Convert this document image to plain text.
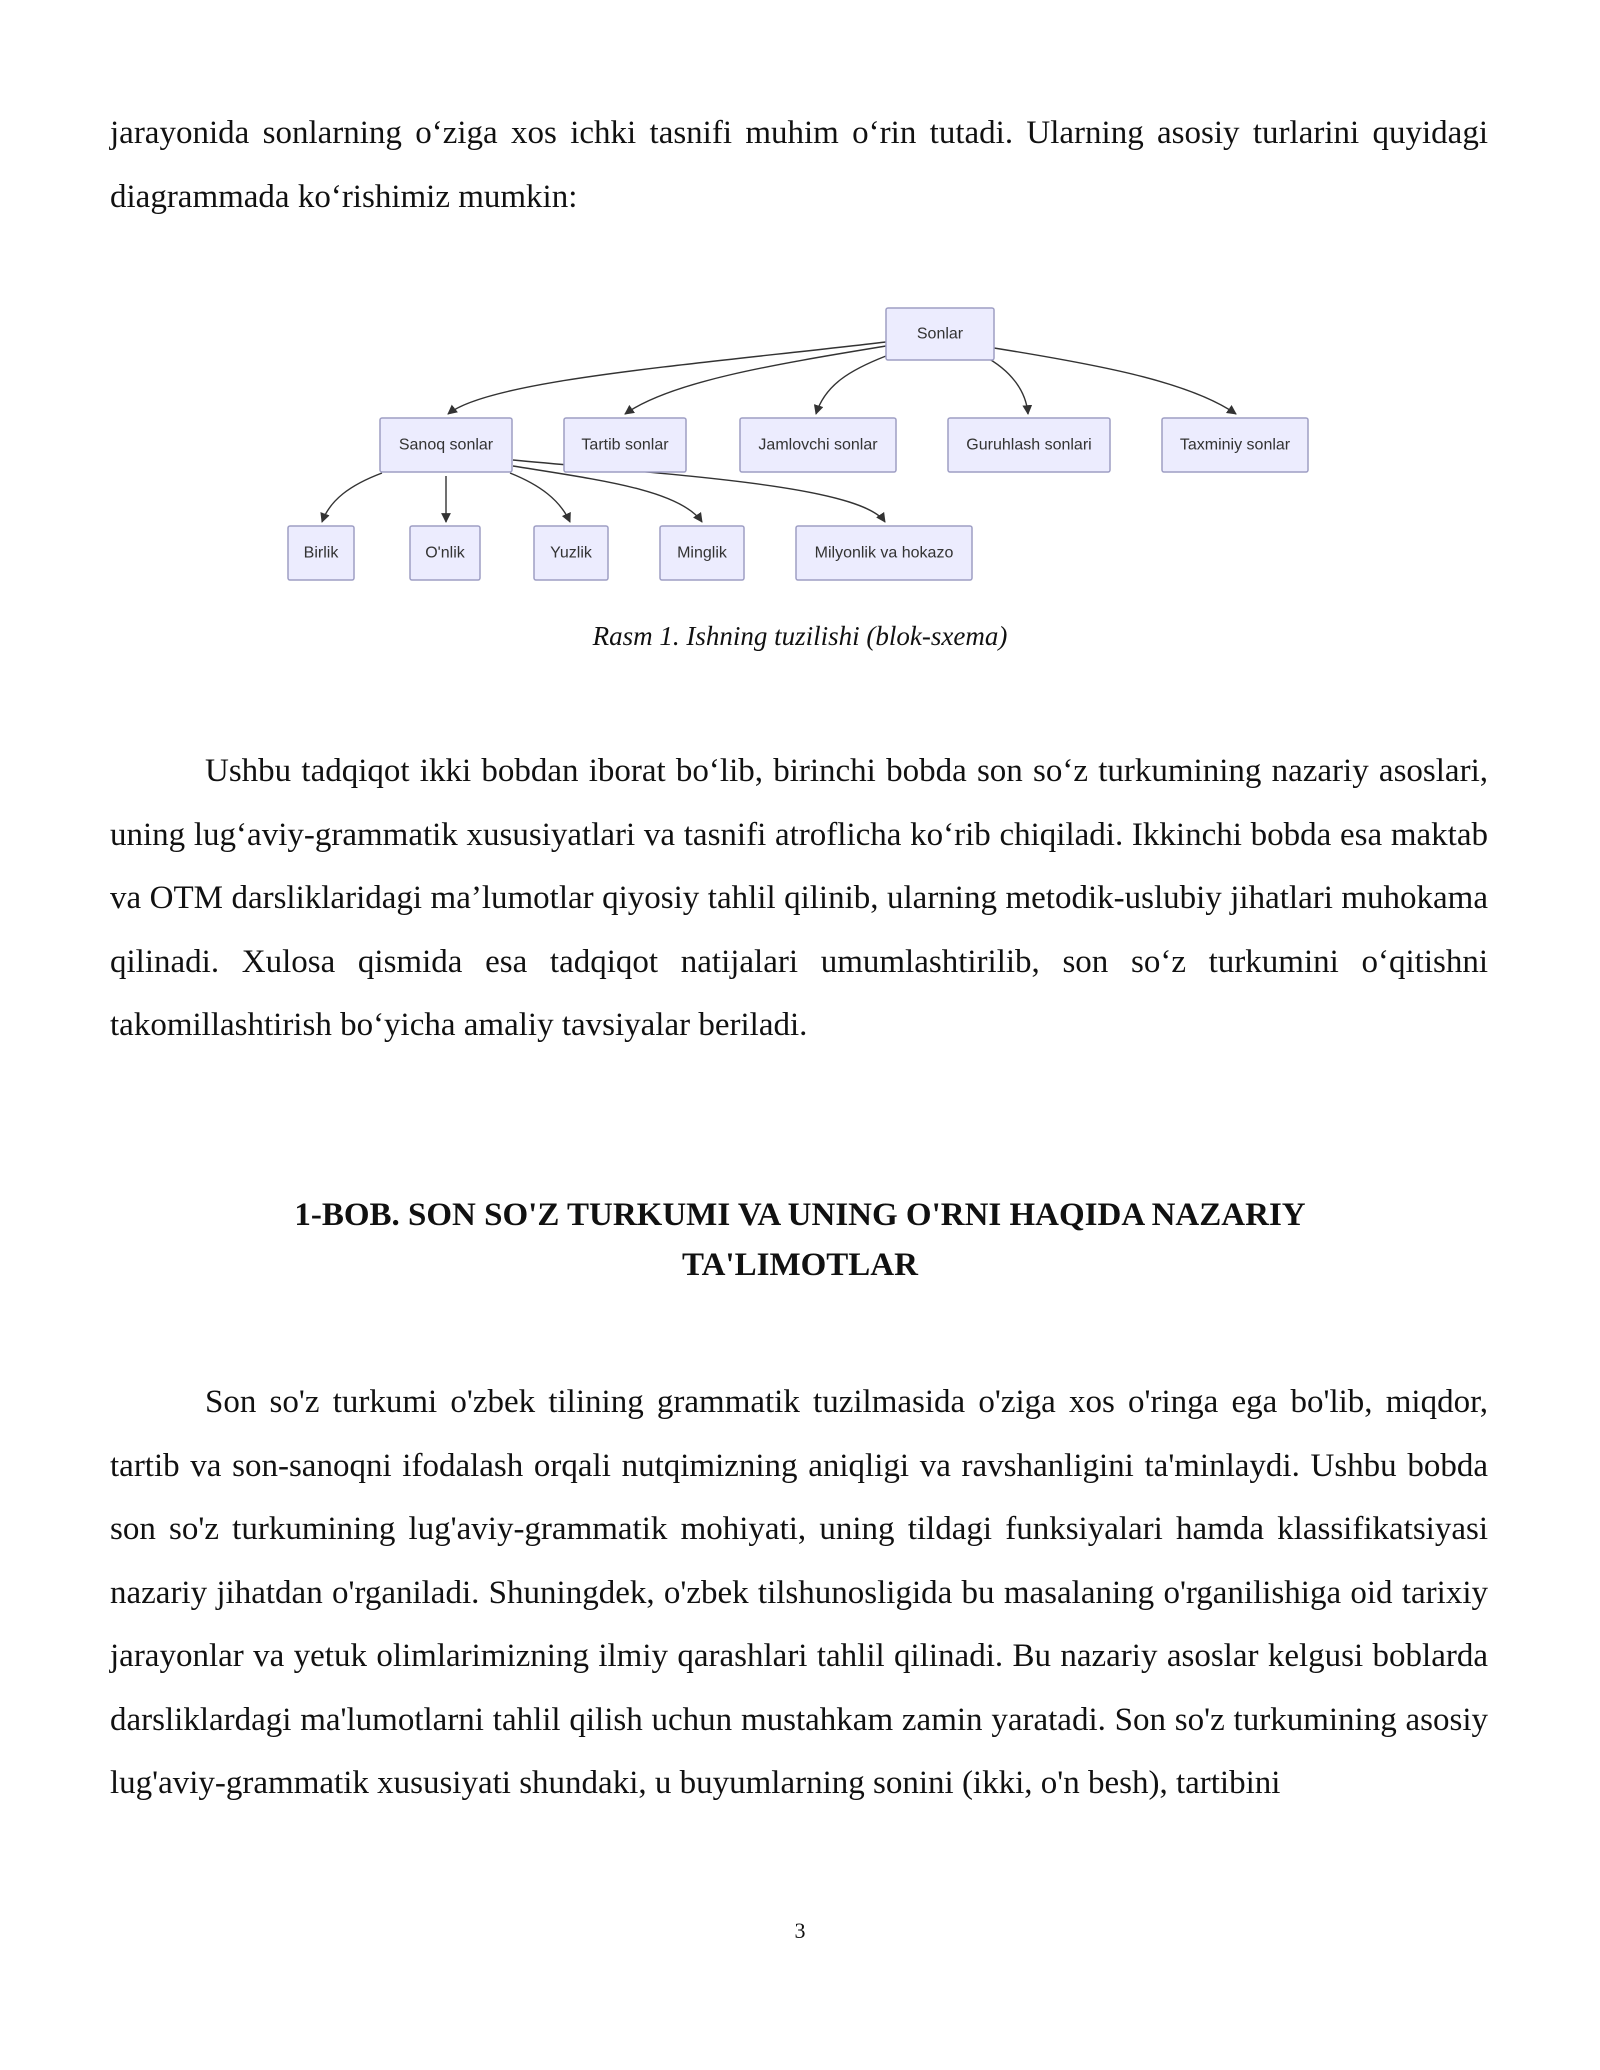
jarayonida sonlarning o‘ziga xos ichki tasnifi muhim o‘rin tutadi. Ularning asosiy turlarini quyidagi diagrammada ko‘rishimiz mumkin:

Sonlar
Sanoq sonlar	Tartib sonlar	Jamlovchi sonlar	Guruhlash sonlari	Taxminiy sonlar
Birlik	O'nlik	Yuzlik	Minglik	Milyonlik va hokazo

Rasm 1. Ishning tuzilishi (blok-sxema)

Ushbu tadqiqot ikki bobdan iborat bo‘lib, birinchi bobda son so‘z turkumining nazariy asoslari, uning lug‘aviy-grammatik xususiyatlari va tasnifi atroflicha ko‘rib chiqiladi. Ikkinchi bobda esa maktab va OTM darsliklaridagi ma’lumotlar qiyosiy tahlil qilinib, ularning metodik-uslubiy jihatlari muhokama qilinadi. Xulosa qismida esa tadqiqot natijalari umumlashtirilib, son so‘z turkumini o‘qitishni takomillashtirish bo‘yicha amaliy tavsiyalar beriladi.

1-BOB. SON SO'Z TURKUMI VA UNING O'RNI HAQIDA NAZARIY
TA'LIMOTLAR

Son so'z turkumi o'zbek tilining grammatik tuzilmasida o'ziga xos o'ringa ega bo'lib, miqdor, tartib va son-sanoqni ifodalash orqali nutqimizning aniqligi va ravshanligini ta'minlaydi. Ushbu bobda son so'z turkumining lug'aviy-grammatik mohiyati, uning tildagi funksiyalari hamda klassifikatsiyasi nazariy jihatdan o'rganiladi. Shuningdek, o'zbek tilshunosligida bu masalaning o'rganilishiga oid tarixiy jarayonlar va yetuk olimlarimizning ilmiy qarashlari tahlil qilinadi. Bu nazariy asoslar kelgusi boblarda darsliklardagi ma'lumotlarni tahlil qilish uchun mustahkam zamin yaratadi. Son so'z turkumining asosiy lug'aviy-grammatik xususiyati shundaki, u buyumlarning sonini (ikki, o'n besh), tartibini

3
